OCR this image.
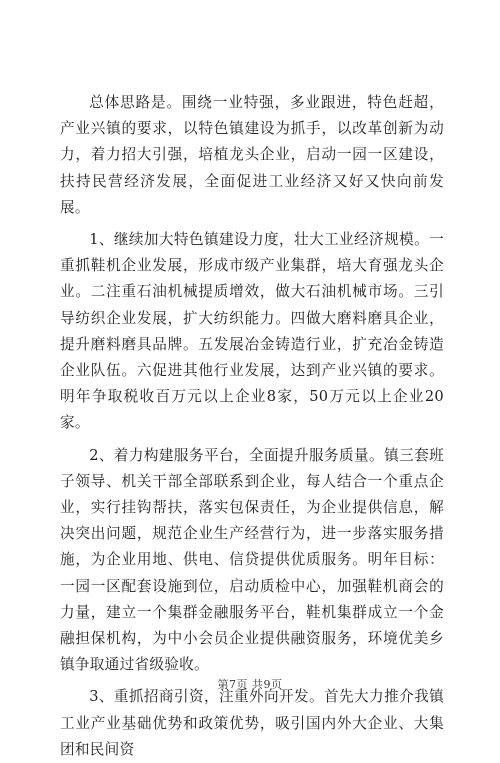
总体思路是。围绕一业特强，多业跟进，特色赶超，产业兴镇的要求，以特色镇建设为抓手，以改革创新为动力，着力招大引强，培植龙头企业，启动一园一区建设，扶持民营经济发展，全面促进工业经济又好又快向前发展。

1、继续加大特色镇建设力度，壮大工业经济规模。一重抓鞋机企业发展，形成市级产业集群，培大育强龙头企业。二注重石油机械提质增效，做大石油机械市场。三引导纺织企业发展，扩大纺织能力。四做大磨料磨具企业，提升磨料磨具品牌。五发展冶金铸造行业，扩充冶金铸造企业队伍。六促进其他行业发展，达到产业兴镇的要求。明年争取税收百万元以上企业8家，50万元以上企业20家。

2、着力构建服务平台，全面提升服务质量。镇三套班子领导、机关干部全部联系到企业，每人结合一个重点企业，实行挂钩帮扶，落实包保责任，为企业提供信息，解决突出问题，规范企业生产经营行为，进一步落实服务措施，为企业用地、供电、信贷提供优质服务。明年目标：一园一区配套设施到位，启动质检中心，加强鞋机商会的力量，建立一个集群金融服务平台，鞋机集群成立一个金融担保机构，为中小会员企业提供融资服务，环境优美乡镇争取通过省级验收。

3、重抓招商引资，注重外向开发。首先大力推介我镇工业产业基础优势和政策优势，吸引国内外大企业、大集团和民间资

第7页 共9页
